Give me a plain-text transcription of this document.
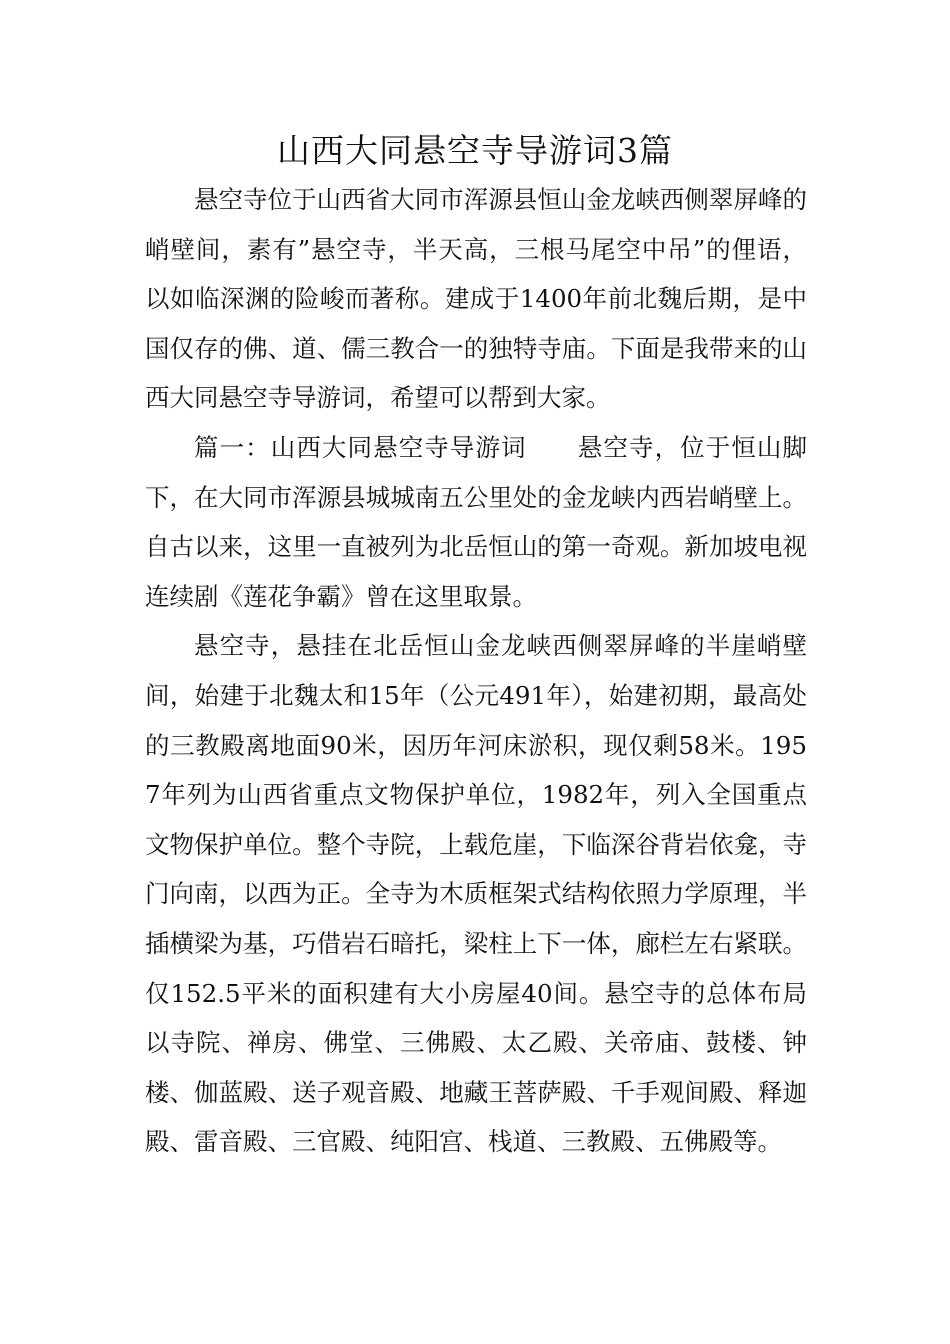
山西大同悬空寺导游词3篇

悬空寺位于山西省大同市浑源县恒山金龙峡西侧翠屏峰的峭壁间，素有”悬空寺，半天高，三根马尾空中吊”的俚语，以如临深渊的险峻而著称。建成于1400年前北魏后期，是中国仅存的佛、道、儒三教合一的独特寺庙。下面是我带来的山西大同悬空寺导游词，希望可以帮到大家。

篇一：山西大同悬空寺导游词　　悬空寺，位于恒山脚下，在大同市浑源县城城南五公里处的金龙峡内西岩峭壁上。自古以来，这里一直被列为北岳恒山的第一奇观。新加坡电视连续剧《莲花争霸》曾在这里取景。

悬空寺，悬挂在北岳恒山金龙峡西侧翠屏峰的半崖峭壁间，始建于北魏太和15年（公元491年），始建初期，最高处的三教殿离地面90米，因历年河床淤积，现仅剩58米。1957年列为山西省重点文物保护单位，1982年，列入全国重点文物保护单位。整个寺院，上载危崖，下临深谷背岩依龛，寺门向南，以西为正。全寺为木质框架式结构依照力学原理，半插横梁为基，巧借岩石暗托，梁柱上下一体，廊栏左右紧联。仅152.5平米的面积建有大小房屋40间。悬空寺的总体布局以寺院、禅房、佛堂、三佛殿、太乙殿、关帝庙、鼓楼、钟楼、伽蓝殿、送子观音殿、地藏王菩萨殿、千手观间殿、释迦殿、雷音殿、三官殿、纯阳宫、栈道、三教殿、五佛殿等。
